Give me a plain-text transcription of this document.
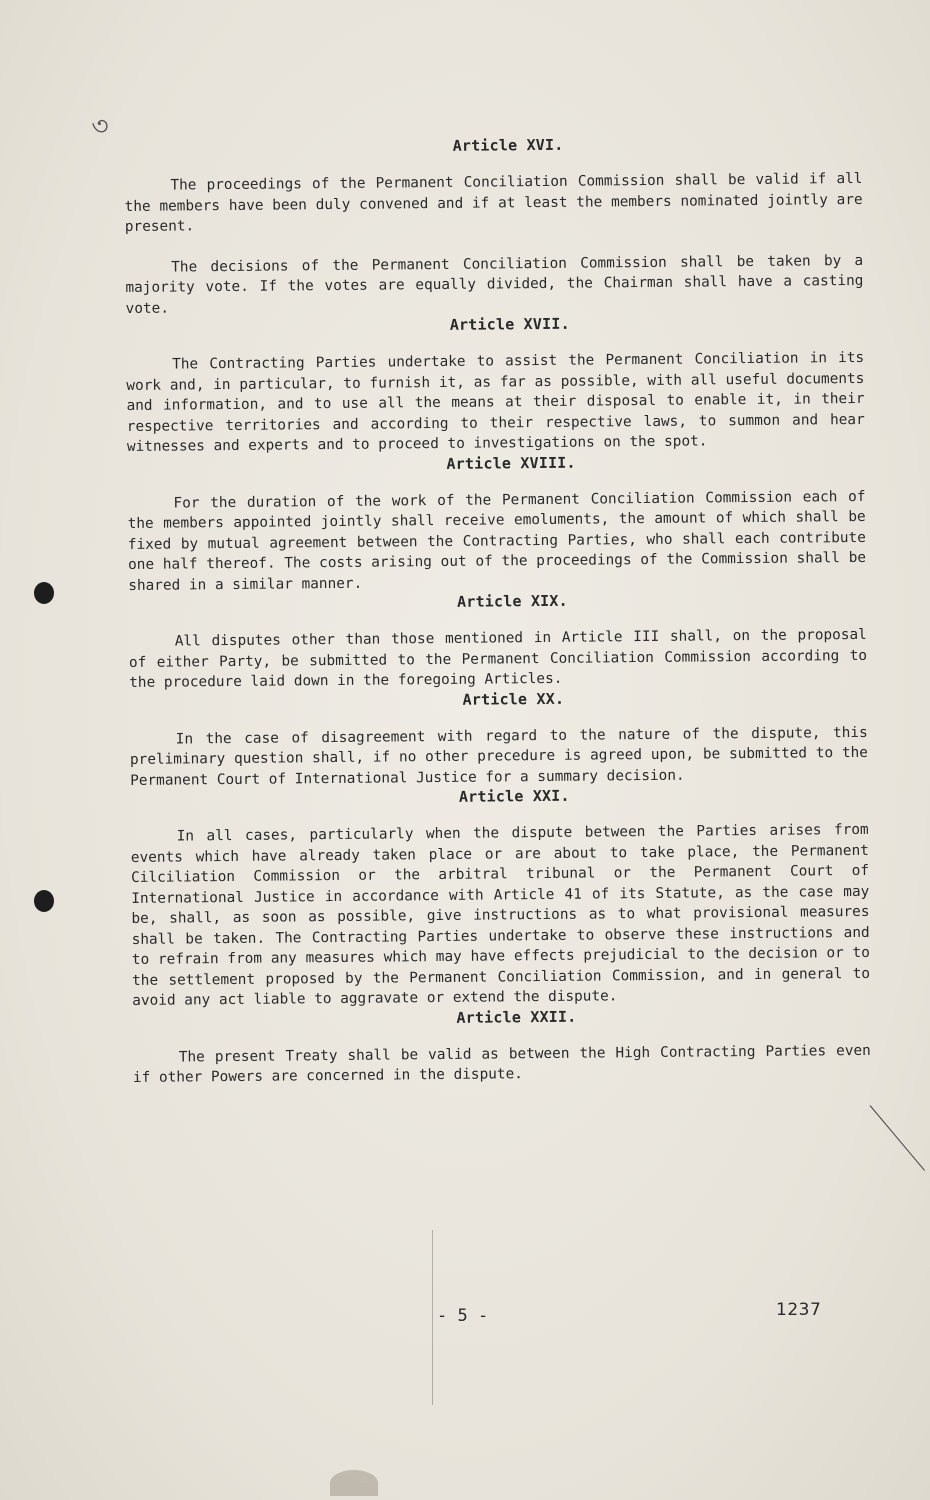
৩
Article XVI.

The proceedings of the Permanent Conciliation Commission shall be valid if all the members have been duly convened and if at least the members nominated jointly are present.

The decisions of the Permanent Conciliation Commission shall be taken by a majority vote. If the votes are equally divided, the Chairman shall have a casting vote.

Article XVII.

The Contracting Parties undertake to assist the Permanent Conciliation in its work and, in particular, to furnish it, as far as possible, with all useful documents and information, and to use all the means at their disposal to enable it, in their respective territories and according to their respective laws, to summon and hear witnesses and experts and to proceed to investigations on the spot.

Article XVIII.

For the duration of the work of the Permanent Conciliation Commission each of the members appointed jointly shall receive emoluments, the amount of which shall be fixed by mutual agreement between the Contracting Parties, who shall each contribute one half thereof. The costs arising out of the proceedings of the Commission shall be shared in a similar manner.

Article XIX.

All disputes other than those mentioned in Article III shall, on the proposal of either Party, be submitted to the Permanent Conciliation Commission according to the procedure laid down in the foregoing Articles.

Article XX.

In the case of disagreement with regard to the nature of the dispute, this preliminary question shall, if no other precedure is agreed upon, be submitted to the Permanent Court of International Justice for a summary decision.

Article XXI.

In all cases, particularly when the dispute between the Parties arises from events which have already taken place or are about to take place, the Permanent Cilciliation Commission or the arbitral tribunal or the Permanent Court of International Justice in accordance with Article 41 of its Statute, as the case may be, shall, as soon as possible, give instructions as to what provisional measures shall be taken. The Contracting Parties undertake to observe these instructions and to refrain from any measures which may have effects prejudicial to the decision or to the settlement proposed by the Permanent Conciliation Commission, and in general to avoid any act liable to aggravate or extend the dispute.

Article XXII.

The present Treaty shall be valid as between the High Contracting Parties even if other Powers are concerned in the dispute.

- 5 -	1237
